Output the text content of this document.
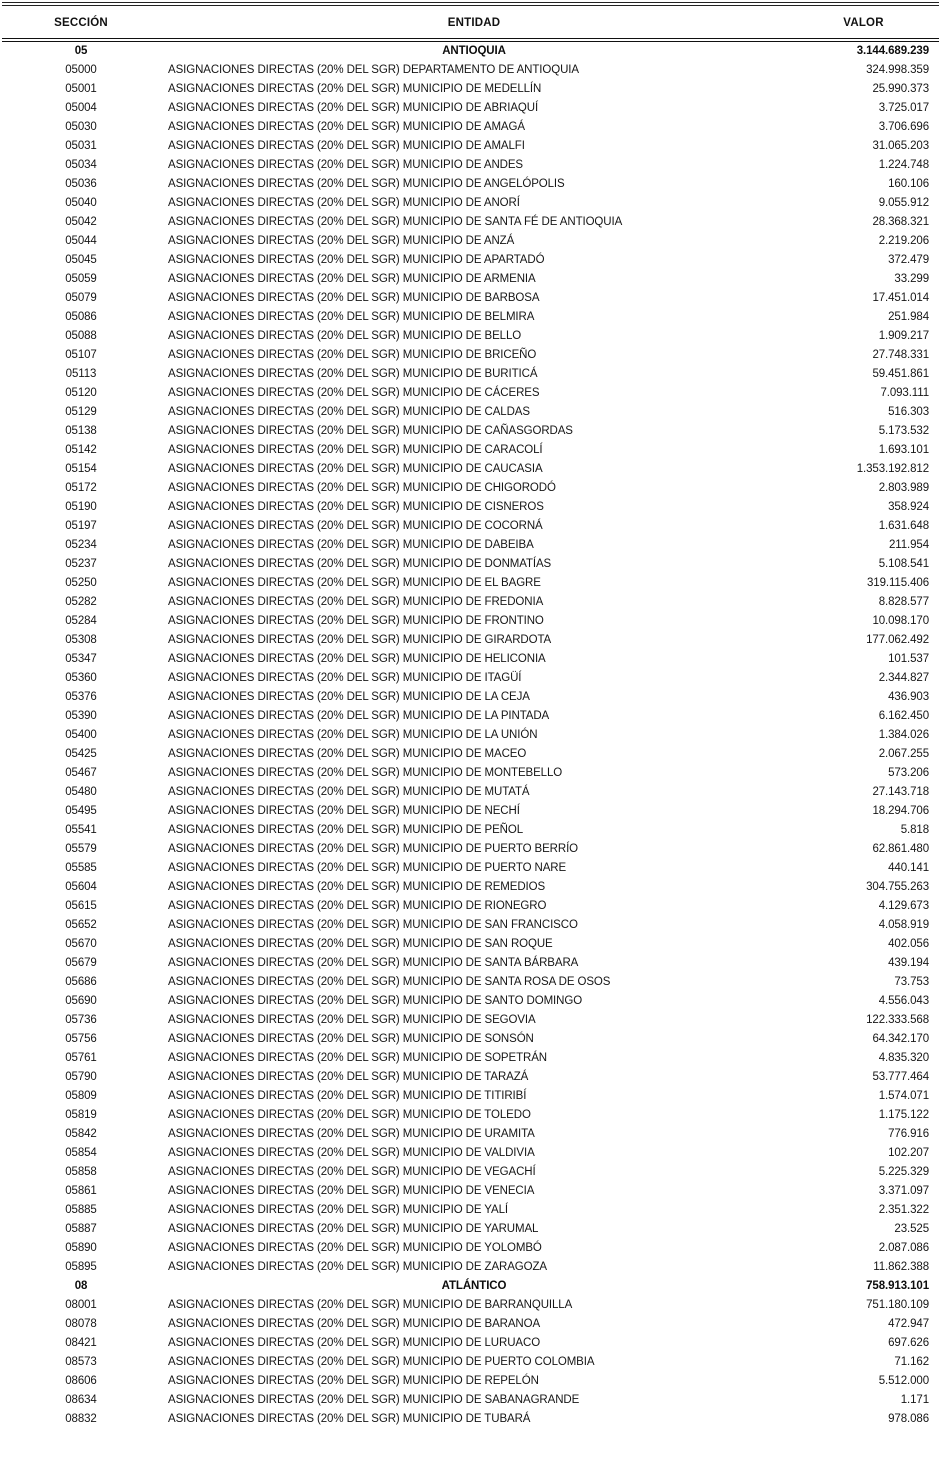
SECCIÓN	ENTIDAD	VALOR
05	ANTIOQUIA	3.144.689.239
05000	ASIGNACIONES DIRECTAS (20% DEL SGR) DEPARTAMENTO DE ANTIOQUIA	324.998.359
05001	ASIGNACIONES DIRECTAS (20% DEL SGR) MUNICIPIO DE MEDELLÍN	25.990.373
05004	ASIGNACIONES DIRECTAS (20% DEL SGR) MUNICIPIO DE ABRIAQUÍ	3.725.017
05030	ASIGNACIONES DIRECTAS (20% DEL SGR) MUNICIPIO DE AMAGÁ	3.706.696
05031	ASIGNACIONES DIRECTAS (20% DEL SGR) MUNICIPIO DE AMALFI	31.065.203
05034	ASIGNACIONES DIRECTAS (20% DEL SGR) MUNICIPIO DE ANDES	1.224.748
05036	ASIGNACIONES DIRECTAS (20% DEL SGR) MUNICIPIO DE ANGELÓPOLIS	160.106
05040	ASIGNACIONES DIRECTAS (20% DEL SGR) MUNICIPIO DE ANORÍ	9.055.912
05042	ASIGNACIONES DIRECTAS (20% DEL SGR) MUNICIPIO DE SANTA FÉ DE ANTIOQUIA	28.368.321
05044	ASIGNACIONES DIRECTAS (20% DEL SGR) MUNICIPIO DE ANZÁ	2.219.206
05045	ASIGNACIONES DIRECTAS (20% DEL SGR) MUNICIPIO DE APARTADÓ	372.479
05059	ASIGNACIONES DIRECTAS (20% DEL SGR) MUNICIPIO DE ARMENIA	33.299
05079	ASIGNACIONES DIRECTAS (20% DEL SGR) MUNICIPIO DE BARBOSA	17.451.014
05086	ASIGNACIONES DIRECTAS (20% DEL SGR) MUNICIPIO DE BELMIRA	251.984
05088	ASIGNACIONES DIRECTAS (20% DEL SGR) MUNICIPIO DE BELLO	1.909.217
05107	ASIGNACIONES DIRECTAS (20% DEL SGR) MUNICIPIO DE BRICEÑO	27.748.331
05113	ASIGNACIONES DIRECTAS (20% DEL SGR) MUNICIPIO DE BURITICÁ	59.451.861
05120	ASIGNACIONES DIRECTAS (20% DEL SGR) MUNICIPIO DE CÁCERES	7.093.111
05129	ASIGNACIONES DIRECTAS (20% DEL SGR) MUNICIPIO DE CALDAS	516.303
05138	ASIGNACIONES DIRECTAS (20% DEL SGR) MUNICIPIO DE CAÑASGORDAS	5.173.532
05142	ASIGNACIONES DIRECTAS (20% DEL SGR) MUNICIPIO DE CARACOLÍ	1.693.101
05154	ASIGNACIONES DIRECTAS (20% DEL SGR) MUNICIPIO DE CAUCASIA	1.353.192.812
05172	ASIGNACIONES DIRECTAS (20% DEL SGR) MUNICIPIO DE CHIGORODÓ	2.803.989
05190	ASIGNACIONES DIRECTAS (20% DEL SGR) MUNICIPIO DE CISNEROS	358.924
05197	ASIGNACIONES DIRECTAS (20% DEL SGR) MUNICIPIO DE COCORNÁ	1.631.648
05234	ASIGNACIONES DIRECTAS (20% DEL SGR) MUNICIPIO DE DABEIBA	211.954
05237	ASIGNACIONES DIRECTAS (20% DEL SGR) MUNICIPIO DE DONMATÍAS	5.108.541
05250	ASIGNACIONES DIRECTAS (20% DEL SGR) MUNICIPIO DE EL BAGRE	319.115.406
05282	ASIGNACIONES DIRECTAS (20% DEL SGR) MUNICIPIO DE FREDONIA	8.828.577
05284	ASIGNACIONES DIRECTAS (20% DEL SGR) MUNICIPIO DE FRONTINO	10.098.170
05308	ASIGNACIONES DIRECTAS (20% DEL SGR) MUNICIPIO DE GIRARDOTA	177.062.492
05347	ASIGNACIONES DIRECTAS (20% DEL SGR) MUNICIPIO DE HELICONIA	101.537
05360	ASIGNACIONES DIRECTAS (20% DEL SGR) MUNICIPIO DE ITAGÜÍ	2.344.827
05376	ASIGNACIONES DIRECTAS (20% DEL SGR) MUNICIPIO DE LA CEJA	436.903
05390	ASIGNACIONES DIRECTAS (20% DEL SGR) MUNICIPIO DE LA PINTADA	6.162.450
05400	ASIGNACIONES DIRECTAS (20% DEL SGR) MUNICIPIO DE LA UNIÓN	1.384.026
05425	ASIGNACIONES DIRECTAS (20% DEL SGR) MUNICIPIO DE MACEO	2.067.255
05467	ASIGNACIONES DIRECTAS (20% DEL SGR) MUNICIPIO DE MONTEBELLO	573.206
05480	ASIGNACIONES DIRECTAS (20% DEL SGR) MUNICIPIO DE MUTATÁ	27.143.718
05495	ASIGNACIONES DIRECTAS (20% DEL SGR) MUNICIPIO DE NECHÍ	18.294.706
05541	ASIGNACIONES DIRECTAS (20% DEL SGR) MUNICIPIO DE PEÑOL	5.818
05579	ASIGNACIONES DIRECTAS (20% DEL SGR) MUNICIPIO DE PUERTO BERRÍO	62.861.480
05585	ASIGNACIONES DIRECTAS (20% DEL SGR) MUNICIPIO DE PUERTO NARE	440.141
05604	ASIGNACIONES DIRECTAS (20% DEL SGR) MUNICIPIO DE REMEDIOS	304.755.263
05615	ASIGNACIONES DIRECTAS (20% DEL SGR) MUNICIPIO DE RIONEGRO	4.129.673
05652	ASIGNACIONES DIRECTAS (20% DEL SGR) MUNICIPIO DE SAN FRANCISCO	4.058.919
05670	ASIGNACIONES DIRECTAS (20% DEL SGR) MUNICIPIO DE SAN ROQUE	402.056
05679	ASIGNACIONES DIRECTAS (20% DEL SGR) MUNICIPIO DE SANTA BÁRBARA	439.194
05686	ASIGNACIONES DIRECTAS (20% DEL SGR) MUNICIPIO DE SANTA ROSA DE OSOS	73.753
05690	ASIGNACIONES DIRECTAS (20% DEL SGR) MUNICIPIO DE SANTO DOMINGO	4.556.043
05736	ASIGNACIONES DIRECTAS (20% DEL SGR) MUNICIPIO DE SEGOVIA	122.333.568
05756	ASIGNACIONES DIRECTAS (20% DEL SGR) MUNICIPIO DE SONSÓN	64.342.170
05761	ASIGNACIONES DIRECTAS (20% DEL SGR) MUNICIPIO DE SOPETRÁN	4.835.320
05790	ASIGNACIONES DIRECTAS (20% DEL SGR) MUNICIPIO DE TARAZÁ	53.777.464
05809	ASIGNACIONES DIRECTAS (20% DEL SGR) MUNICIPIO DE TITIRIBÍ	1.574.071
05819	ASIGNACIONES DIRECTAS (20% DEL SGR) MUNICIPIO DE TOLEDO	1.175.122
05842	ASIGNACIONES DIRECTAS (20% DEL SGR) MUNICIPIO DE URAMITA	776.916
05854	ASIGNACIONES DIRECTAS (20% DEL SGR) MUNICIPIO DE VALDIVIA	102.207
05858	ASIGNACIONES DIRECTAS (20% DEL SGR) MUNICIPIO DE VEGACHÍ	5.225.329
05861	ASIGNACIONES DIRECTAS (20% DEL SGR) MUNICIPIO DE VENECIA	3.371.097
05885	ASIGNACIONES DIRECTAS (20% DEL SGR) MUNICIPIO DE YALÍ	2.351.322
05887	ASIGNACIONES DIRECTAS (20% DEL SGR) MUNICIPIO DE YARUMAL	23.525
05890	ASIGNACIONES DIRECTAS (20% DEL SGR) MUNICIPIO DE YOLOMBÓ	2.087.086
05895	ASIGNACIONES DIRECTAS (20% DEL SGR) MUNICIPIO DE ZARAGOZA	11.862.388
08	ATLÁNTICO	758.913.101
08001	ASIGNACIONES DIRECTAS (20% DEL SGR) MUNICIPIO DE BARRANQUILLA	751.180.109
08078	ASIGNACIONES DIRECTAS (20% DEL SGR) MUNICIPIO DE BARANOA	472.947
08421	ASIGNACIONES DIRECTAS (20% DEL SGR) MUNICIPIO DE LURUACO	697.626
08573	ASIGNACIONES DIRECTAS (20% DEL SGR) MUNICIPIO DE PUERTO COLOMBIA	71.162
08606	ASIGNACIONES DIRECTAS (20% DEL SGR) MUNICIPIO DE REPELÓN	5.512.000
08634	ASIGNACIONES DIRECTAS (20% DEL SGR) MUNICIPIO DE SABANAGRANDE	1.171
08832	ASIGNACIONES DIRECTAS (20% DEL SGR) MUNICIPIO DE TUBARÁ	978.086
